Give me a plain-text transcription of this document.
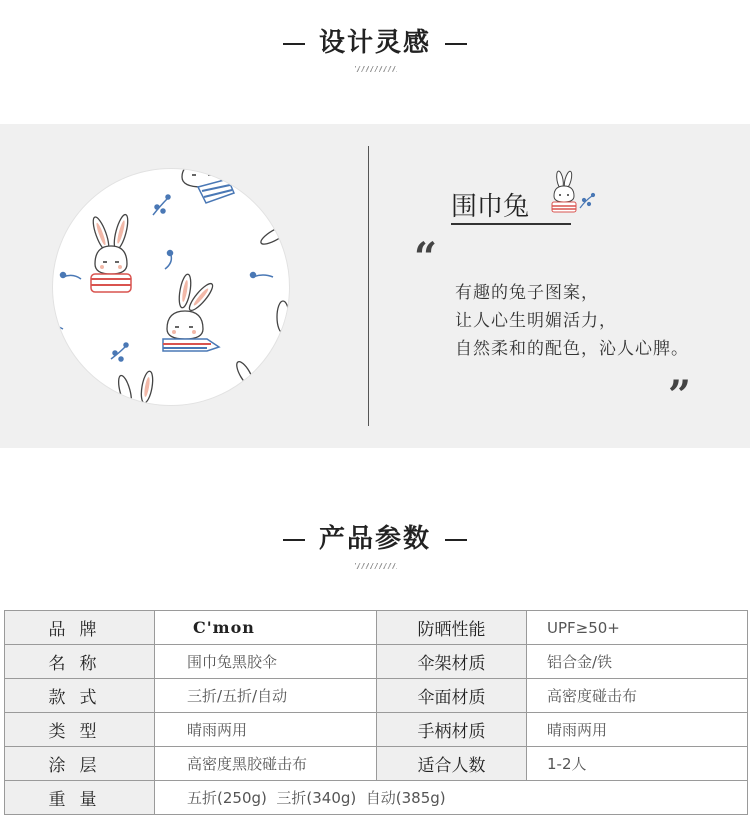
设计灵感
围巾兔
“
有趣的兔子图案，
让人心生明媚活力，
自然柔和的配色，沁人心脾。
”
产品参数
品牌	C'mon	防晒性能	UPF≥50+
名称	围巾兔黑胶伞	伞架材质	铝合金/铁
款式	三折/五折/自动	伞面材质	高密度碰击布
类型	晴雨两用	手柄材质	晴雨两用
涂层	高密度黑胶碰击布	适合人数	1-2人
重量	五折(250g)  三折(340g)  自动(385g)		
